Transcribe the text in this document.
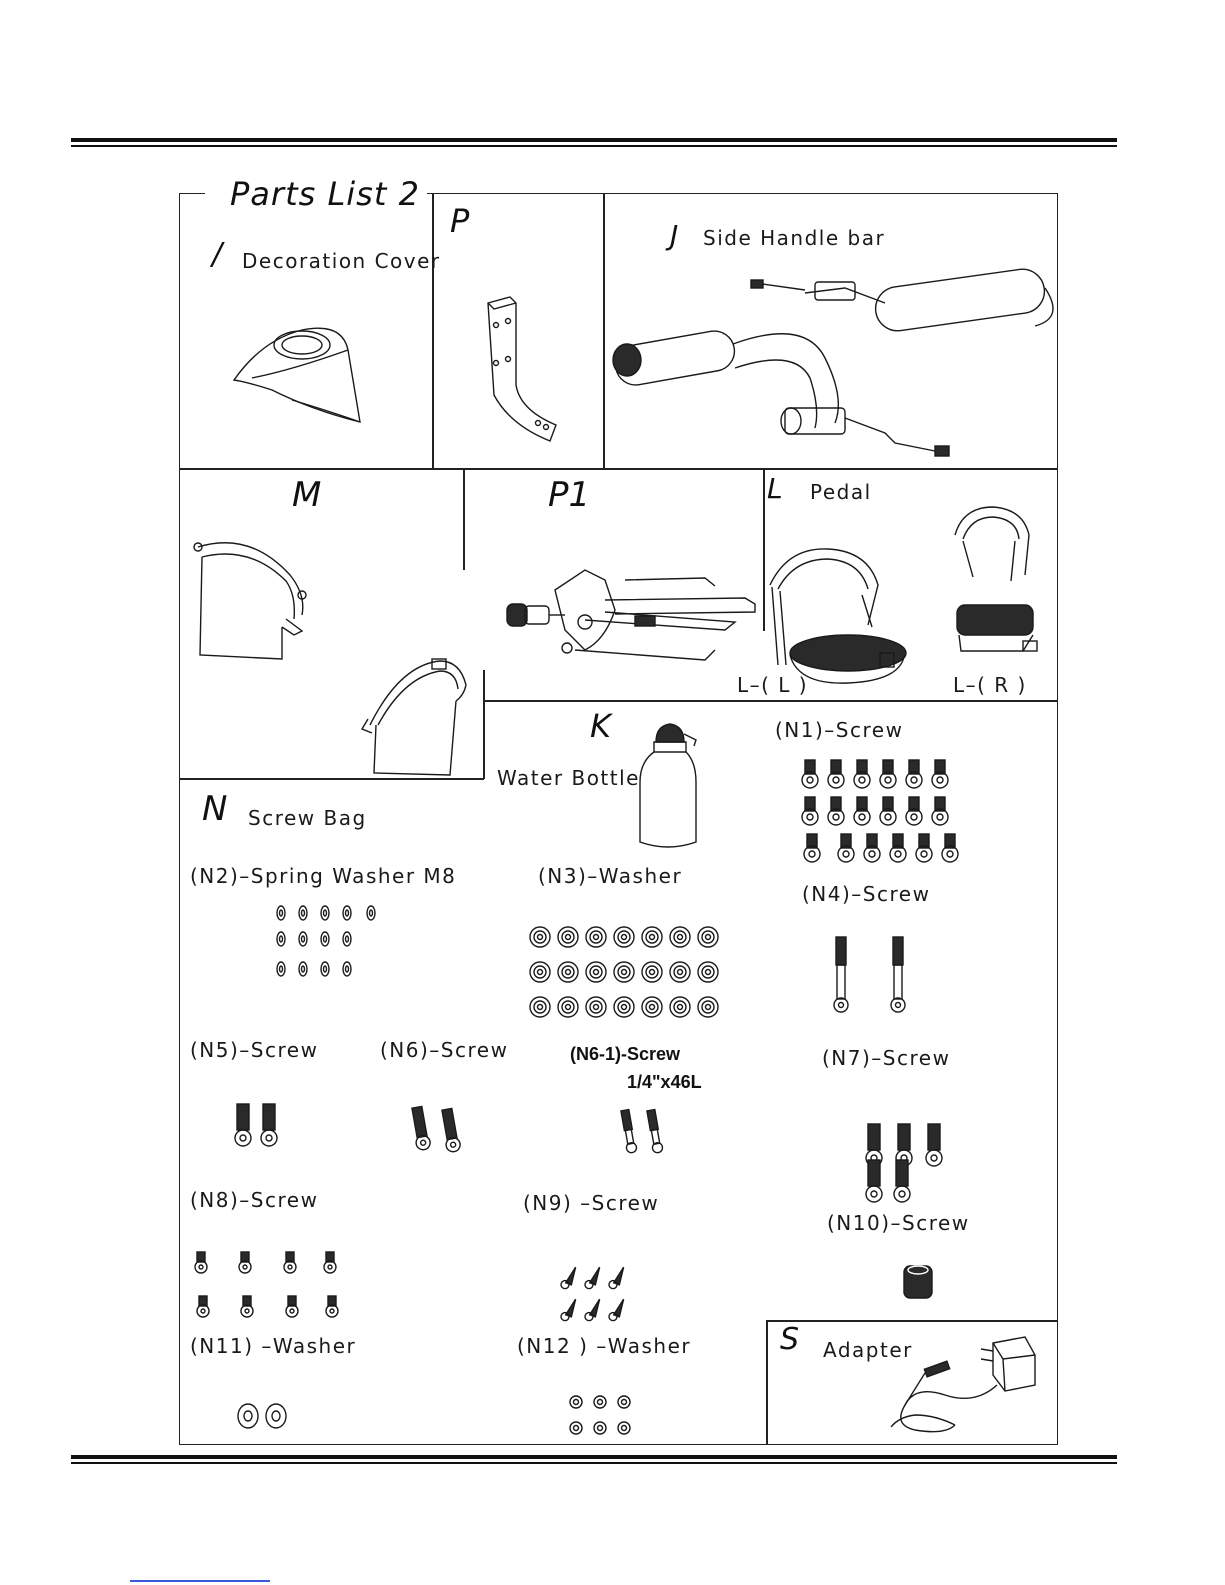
Parts List 2
/ Decoration Cover
P	J Side Handle bar
M	P1	L Pedal
L–( L )	L–( R )
K
Water Bottle
N Screw Bag
(N1)–Screw
(N2)–Spring Washer M8	(N3)–Washer
(N4)–Screw
(N5)–Screw	(N6)–Screw	(N6-1)-Screw
1/4"x46L
(N7)–Screw
(N8)–Screw	(N9) –Screw
(N10)–Screw
(N11) –Washer	(N12 ) –Washer	S Adapter
